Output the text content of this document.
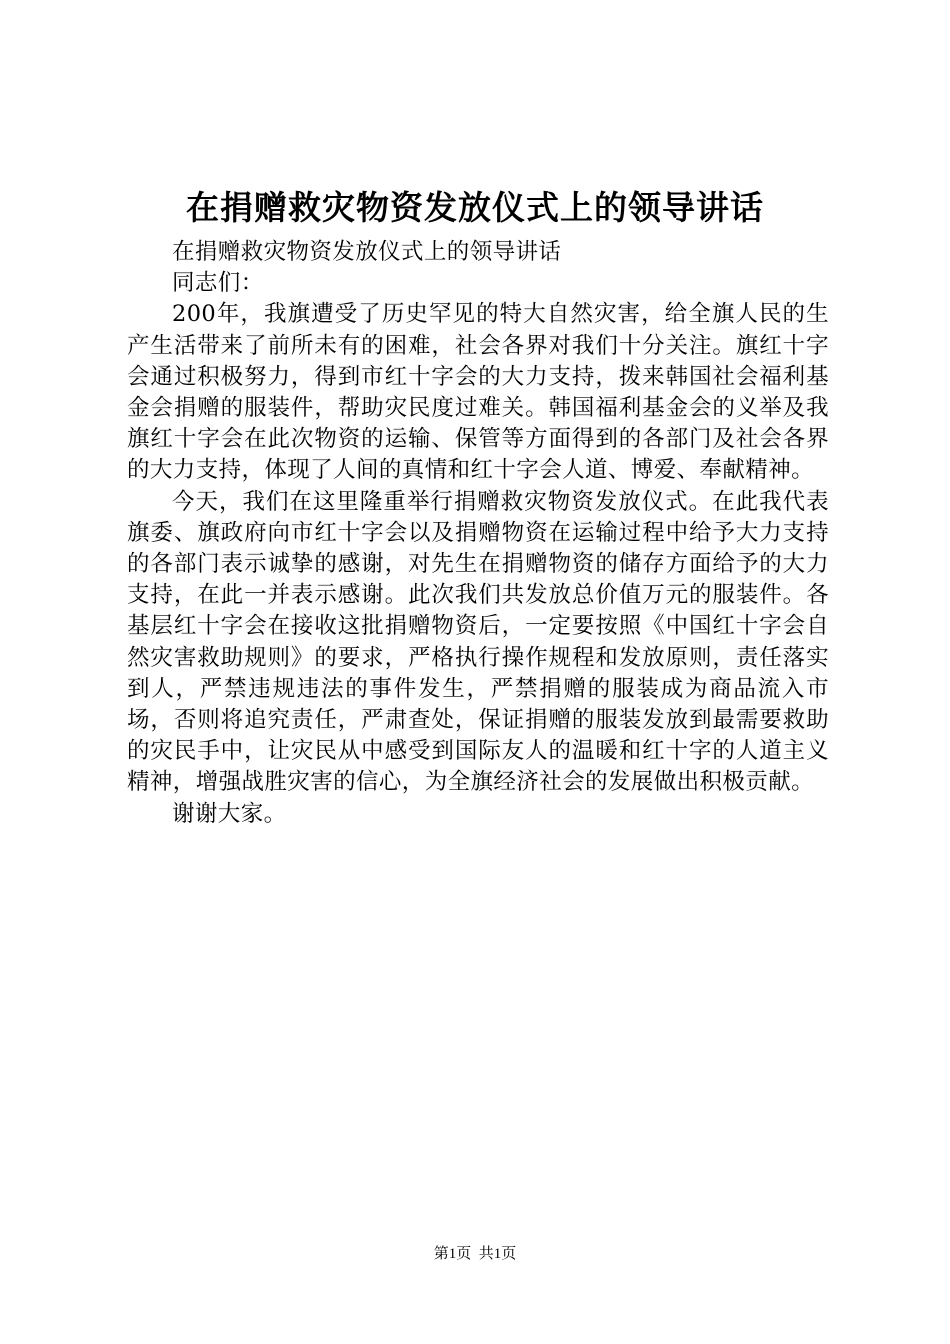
在捐赠救灾物资发放仪式上的领导讲话

在捐赠救灾物资发放仪式上的领导讲话

同志们：

200年，我旗遭受了历史罕见的特大自然灾害，给全旗人民的生产生活带来了前所未有的困难，社会各界对我们十分关注。旗红十字会通过积极努力，得到市红十字会的大力支持，拨来韩国社会福利基金会捐赠的服装件，帮助灾民度过难关。韩国福利基金会的义举及我旗红十字会在此次物资的运输、保管等方面得到的各部门及社会各界的大力支持，体现了人间的真情和红十字会人道、博爱、奉献精神。

今天，我们在这里隆重举行捐赠救灾物资发放仪式。在此我代表旗委、旗政府向市红十字会以及捐赠物资在运输过程中给予大力支持的各部门表示诚挚的感谢，对先生在捐赠物资的储存方面给予的大力支持，在此一并表示感谢。此次我们共发放总价值万元的服装件。各基层红十字会在接收这批捐赠物资后，一定要按照《中国红十字会自然灾害救助规则》的要求，严格执行操作规程和发放原则，责任落实到人，严禁违规违法的事件发生，严禁捐赠的服装成为商品流入市场，否则将追究责任，严肃查处，保证捐赠的服装发放到最需要救助的灾民手中，让灾民从中感受到国际友人的温暖和红十字的人道主义精神，增强战胜灾害的信心，为全旗经济社会的发展做出积极贡献。

谢谢大家。

第1页  共1页
